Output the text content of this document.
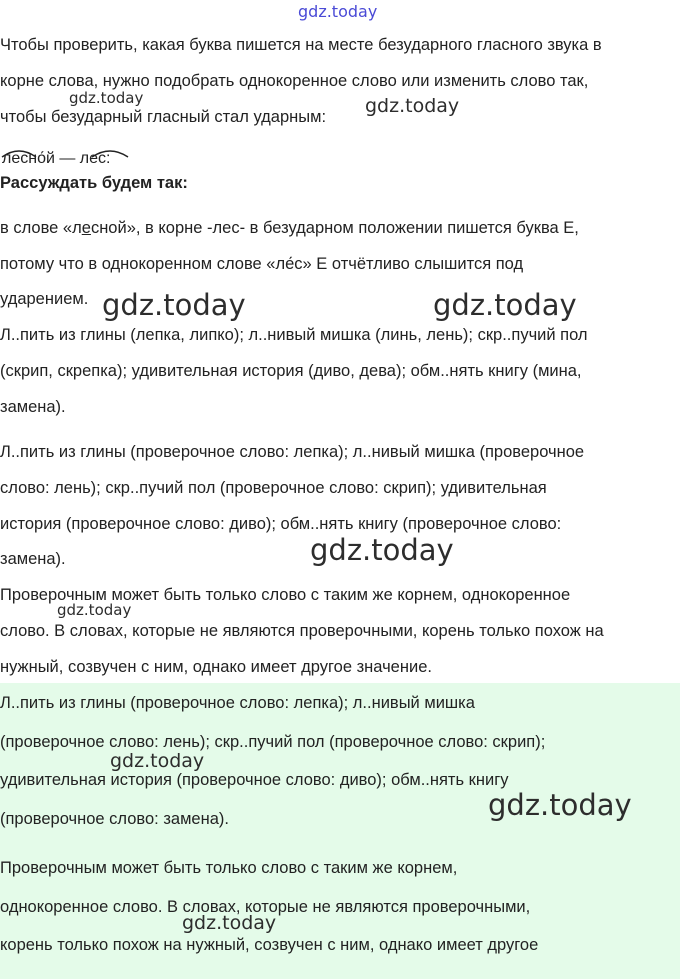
Чтобы проверить, какая буква пишется на месте безударного гласного звука в

корне слова, нужно подобрать однокоренное слово или изменить слово так,

чтобы безударный гласный стал ударным:

лесно́й — лес:

Рассуждать будем так:

в слове «лесной», в корне -лес- в безударном положении пишется буква Е,

потому что в однокоренном слове «ле́с» Е отчётливо слышится под

ударением.

Л..пить из глины (лепка, липко); л..нивый мишка (линь, лень); скр..пучий пол

(скрип, скрепка); удивительная история (диво, дева); обм..нять книгу (мина,

замена).

Л..пить из глины (проверочное слово: лепка); л..нивый мишка (проверочное

слово: лень); скр..пучий пол (проверочное слово: скрип); удивительная

история (проверочное слово: диво); обм..нять книгу (проверочное слово:

замена).

Проверочным может быть только слово с таким же корнем, однокоренное

слово. В словах, которые не являются проверочными, корень только похож на

нужный, созвучен с ним, однако имеет другое значение.

Л..пить из глины (проверочное слово: лепка); л..нивый мишка

(проверочное слово: лень); скр..пучий пол (проверочное слово: скрип);

удивительная история (проверочное слово: диво); обм..нять книгу

(проверочное слово: замена).

Проверочным может быть только слово с таким же корнем,

однокоренное слово. В словах, которые не являются проверочными,

корень только похож на нужный, созвучен с ним, однако имеет другое

gdz.today
gdz.today	gdz.today
gdz.today	gdz.today
gdz.today
gdz.today
gdz.today
gdz.today
gdz.today
